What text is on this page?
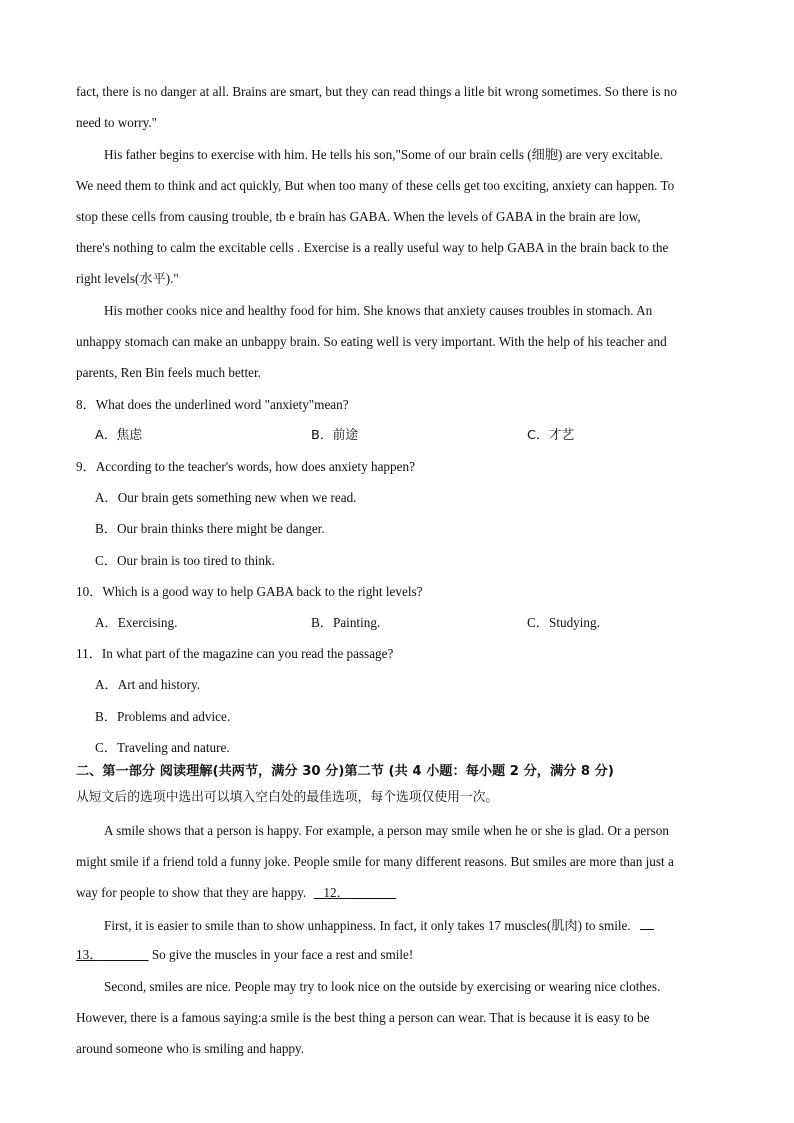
fact, there is no danger at all. Brains are smart, but they can read things a litle bit wrong sometimes. So there is no
need to worry."
His father begins to exercise with him. He tells his son,"Some of our brain cells (细胞) are very excitable.
We need them to think and act quickly, But when too many of these cells get too exciting, anxiety can happen. To
stop these cells from causing trouble, tb e brain has GABA. When the levels of GABA in the brain are low,
there's nothing to calm the excitable cells . Exercise is a really useful way to help GABA in the brain back to the
right levels(水平)."
His mother cooks nice and healthy food for him. She knows that anxiety causes troubles in stomach. An
unhappy stomach can make an unbappy brain. So eating well is very important. With the help of his teacher and
parents, Ren Bin feels much better.
8．What does the underlined word "anxiety"mean?
A．焦虑	B．前途	C．才艺
9．According to the teacher's words, how does anxiety happen?
A．Our brain gets something new when we read.
B．Our brain thinks there might be danger.
C．Our brain is too tired to think.
10．Which is a good way to help GABA back to the right levels?
A．Exercising.	B．Painting.	C．Studying.
11．In what part of the magazine can you read the passage?
A．Art and history.
B．Problems and advice.
C．Traveling and nature.
二、第一部分 阅读理解(共两节，满分 30 分)第二节 (共 4 小题：每小题 2 分，满分 8 分)
从短文后的选项中选出可以填入空白处的最佳选项，每个选项仅使用一次。
A smile shows that a person is happy. For example, a person may smile when he or she is glad. Or a person
might smile if a friend told a funny joke. People smile for many different reasons. But smiles are more than just a
way for people to show that they are happy. 12．
First, it is easier to smile than to show unhappiness. In fact, it only takes 17 muscles(肌肉) to smile.
13．	So give the muscles in your face a rest and smile!
Second, smiles are nice. People may try to look nice on the outside by exercising or wearing nice clothes.
However, there is a famous saying:a smile is the best thing a person can wear. That is because it is easy to be
around someone who is smiling and happy.
